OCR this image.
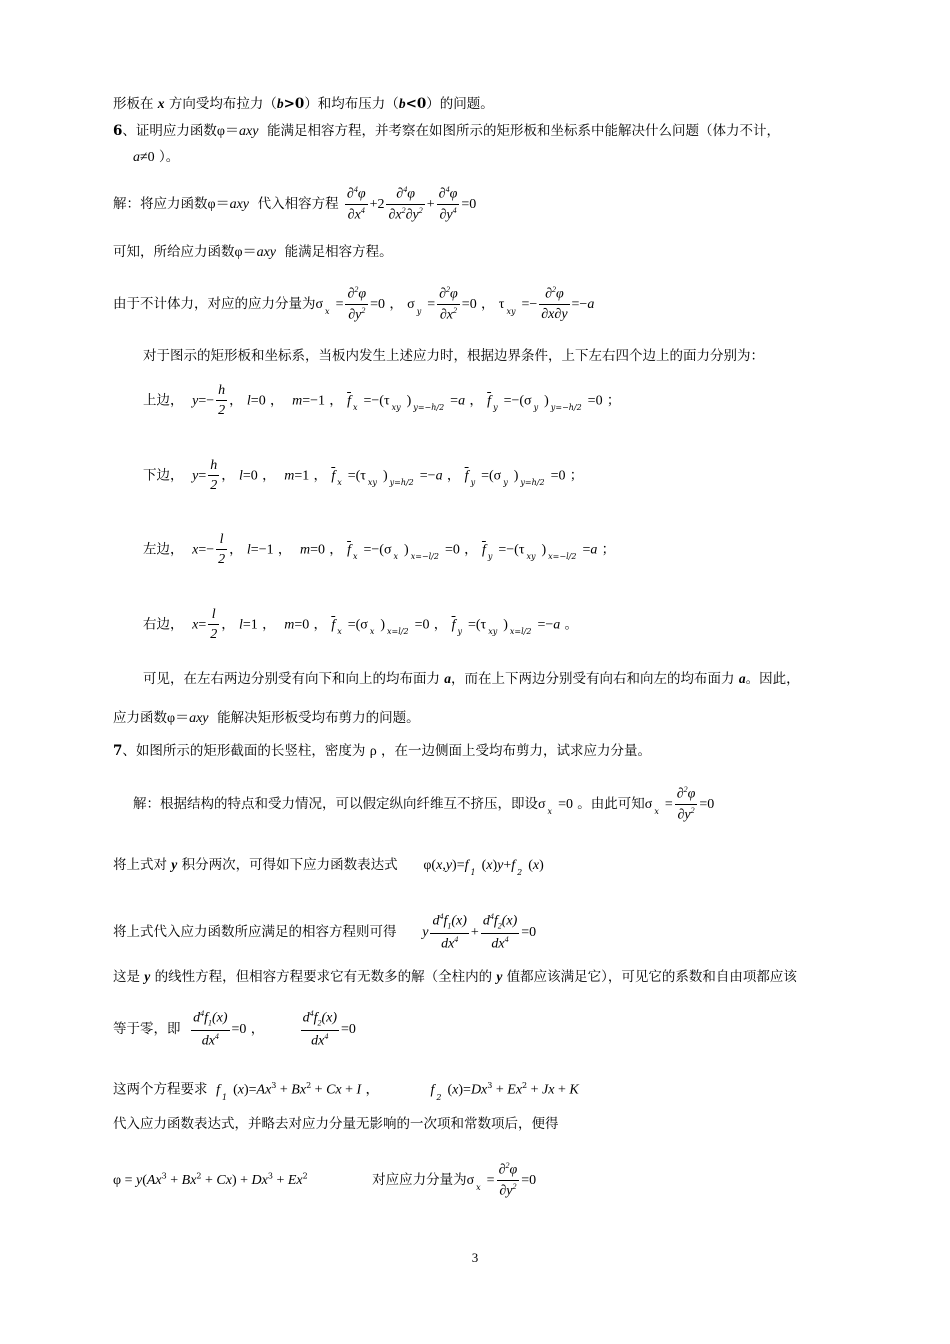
形板在 x 方向受均布拉力（b>0）和均布压力（b<0）的问题。
6、证明应力函数φ＝axy  能满足相容方程，并考察在如图所示的矩形板和坐标系中能解决什么问题（体力不计，
a≠0 ）。
解：将应力函数φ＝axy  代入相容方程 $\frac{\partial^4\varphi}{\partial x^4} +2 \frac{\partial^4\varphi}{\partial x^2\partial y^2} + \frac{\partial^4\varphi}{\partial y^4} =0$
可知，所给应力函数φ＝axy  能满足相容方程。
由于不计体力，对应的应力分量为σ $_x = \frac{\partial^2\varphi}{\partial y^2} =0$ ， σ $_y = \frac{\partial^2\varphi}{\partial x^2} =0$ ， τ $_{xy} =- \frac{\partial^2\varphi}{\partial x\partial y} =-a$
对于图示的矩形板和坐标系，当板内发生上述应力时，根据边界条件，上下左右四个边上的面力分别为：
上边，  $y=- \frac{h}{2}$ ， l=0 ，  m=−1 ， $\overline{f}$ $_x$ =−(τ $_{xy}$ ) $_{y=-h/2}$ =a ， $\overline{f}$ $_y$ =−(σ $_y$ ) $_{y=-h/2}$ =0 ；
下边，  $y= \frac{h}{2}$ ， l=0 ，  m=1 ， $\overline{f}$ $_x$ =(τ $_{xy}$ ) $_{y=h/2}$ =−a ， $\overline{f}$ $_y$ =(σ $_y$ ) $_{y=h/2}$ =0 ；
左边，  $x=- \frac{l}{2}$ ， l=−1 ，  m=0 ， $\overline{f}$ $_x$ =−(σ $_x$ ) $_{x=-l/2}$ =0 ， $\overline{f}$ $_y$ =−(τ $_{xy}$ ) $_{x=-l/2}$ =a ；
右边，  $x= \frac{l}{2}$ ， l=1 ，  m=0 ， $\overline{f}$ $_x$ =(σ $_x$ ) $_{x=l/2}$ =0 ， $\overline{f}$ $_y$ =(τ $_{xy}$ ) $_{x=l/2}$ =−a 。
可见，在左右两边分别受有向下和向上的均布面力 a，而在上下两边分别受有向右和向左的均布面力 a。因此，
应力函数φ＝axy  能解决矩形板受均布剪力的问题。
7、如图所示的矩形截面的长竖柱，密度为 ρ ，在一边侧面上受均布剪力，试求应力分量。
解：根据结构的特点和受力情况，可以假定纵向纤维互不挤压，即设σ $_x$ =0 。由此可知σ $_x = \frac{\partial^2\varphi}{\partial y^2} =0$
将上式对 y 积分两次，可得如下应力函数表达式      φ(x,y)=f $_1$ (x)y+f $_2$ (x)
将上式代入应力函数所应满足的相容方程则可得      y $\frac{d^4f_1(x)}{dx^4} + \frac{d^4f_2(x)}{dx^4} =0$
这是 y 的线性方程，但相容方程要求它有无数多的解（全柱内的 y 值都应该满足它），可见它的系数和自由项都应该
等于零，即 $\frac{d^4f_1(x)}{dx^4} =0$ ， $\frac{d^4f_2(x)}{dx^4} =0$
这两个方程要求  f $_1$ $(x)=Ax^3 + Bx^2 + Cx + I$ ，            f $_2$ $(x)=Dx^3 + Ex^2 + Jx + K$
代入应力函数表达式，并略去对应力分量无影响的一次项和常数项后，便得
$\varphi = y(Ax^3 + Bx^2 + Cx) + Dx^3 + Ex^2$               对应应力分量为σ $_x = \frac{\partial^2\varphi}{\partial y^2} =0$
3
